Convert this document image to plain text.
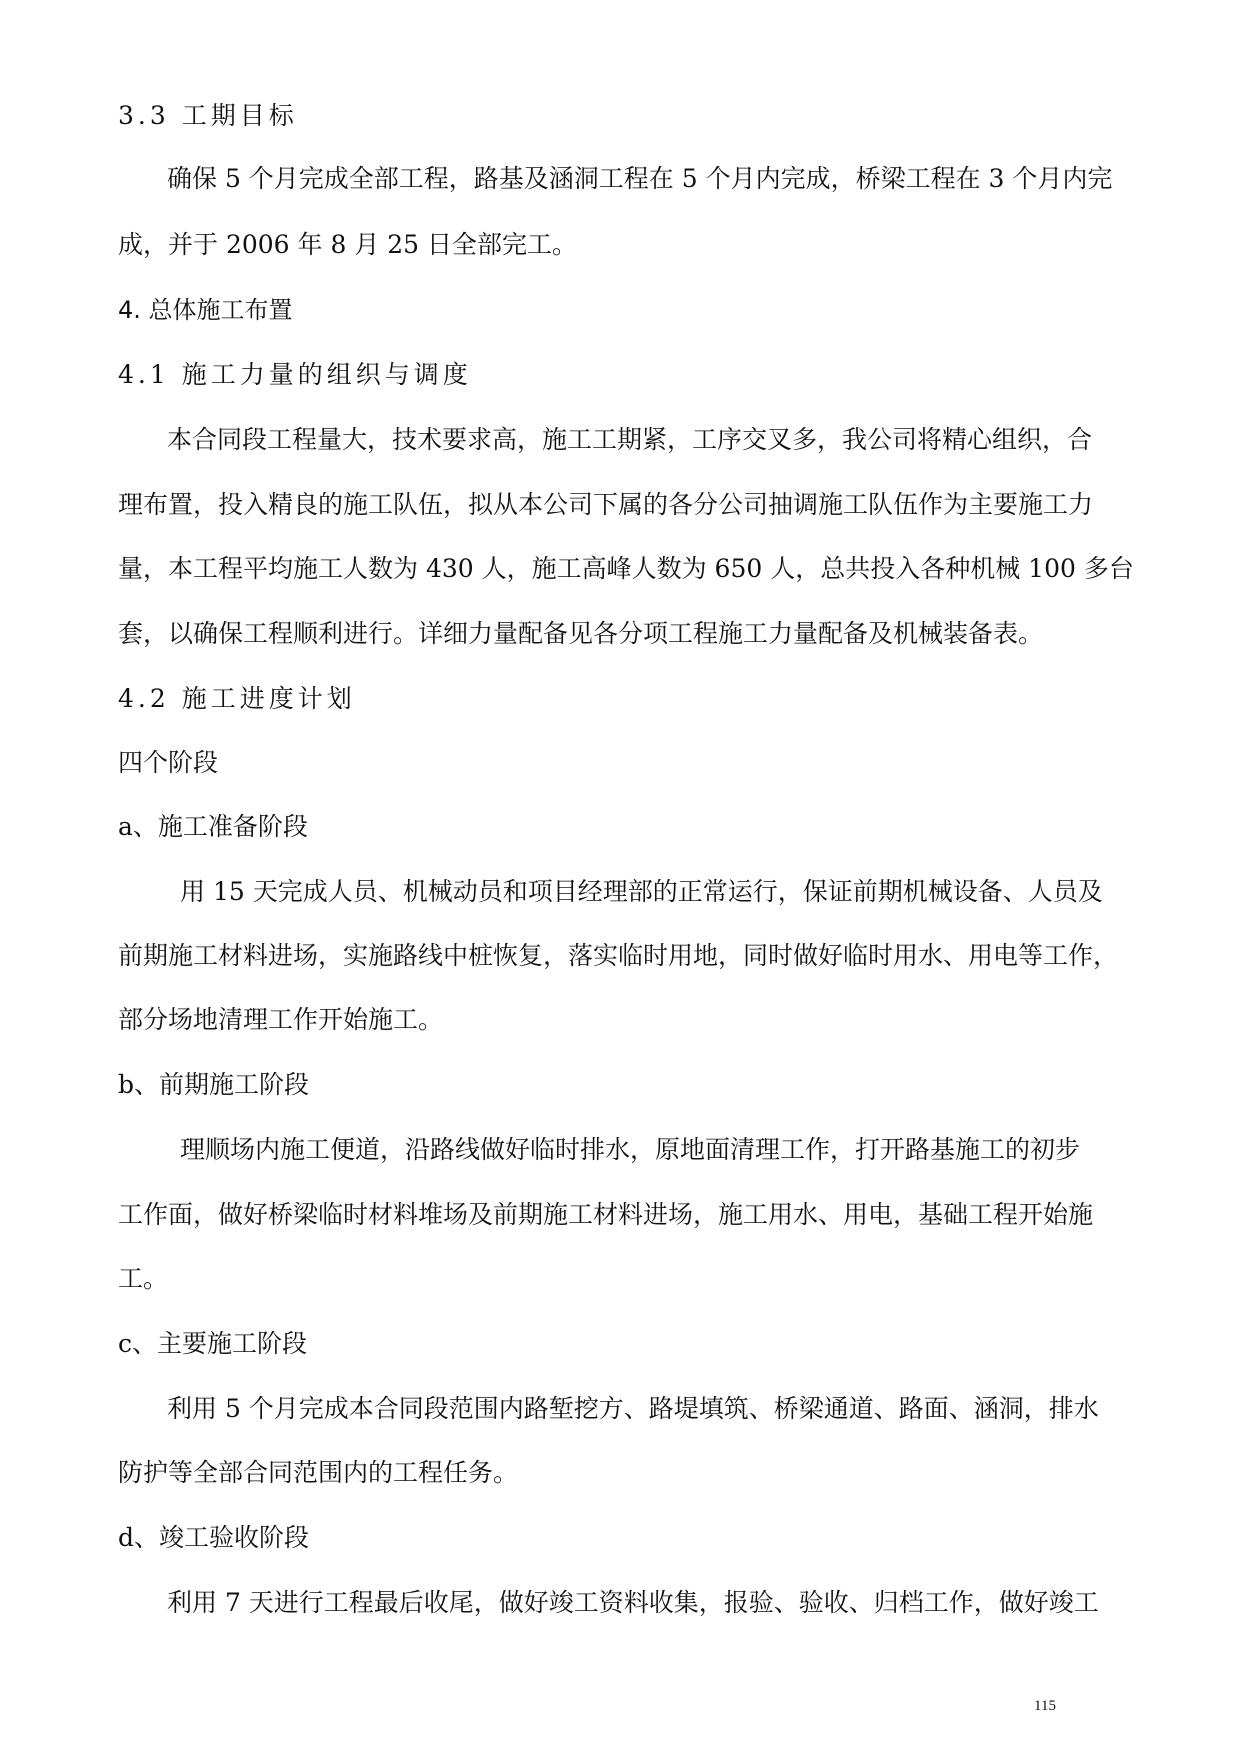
3.3 工期目标
确保 5 个月完成全部工程，路基及涵洞工程在 5 个月内完成，桥梁工程在 3 个月内完
成，并于 2006 年 8 月 25 日全部完工。
4. 总体施工布置
4.1 施工力量的组织与调度
本合同段工程量大，技术要求高，施工工期紧，工序交叉多，我公司将精心组织，合
理布置，投入精良的施工队伍，拟从本公司下属的各分公司抽调施工队伍作为主要施工力
量，本工程平均施工人数为 430 人，施工高峰人数为 650 人，总共投入各种机械 100 多台
套，以确保工程顺利进行。详细力量配备见各分项工程施工力量配备及机械装备表。
4.2 施工进度计划
四个阶段
a、施工准备阶段
用 15 天完成人员、机械动员和项目经理部的正常运行，保证前期机械设备、人员及
前期施工材料进场，实施路线中桩恢复，落实临时用地，同时做好临时用水、用电等工作，
部分场地清理工作开始施工。
b、前期施工阶段
理顺场内施工便道，沿路线做好临时排水，原地面清理工作，打开路基施工的初步
工作面，做好桥梁临时材料堆场及前期施工材料进场，施工用水、用电，基础工程开始施
工。
c、主要施工阶段
利用 5 个月完成本合同段范围内路堑挖方、路堤填筑、桥梁通道、路面、涵洞，排水
防护等全部合同范围内的工程任务。
d、竣工验收阶段
利用 7 天进行工程最后收尾，做好竣工资料收集，报验、验收、归档工作，做好竣工
115
